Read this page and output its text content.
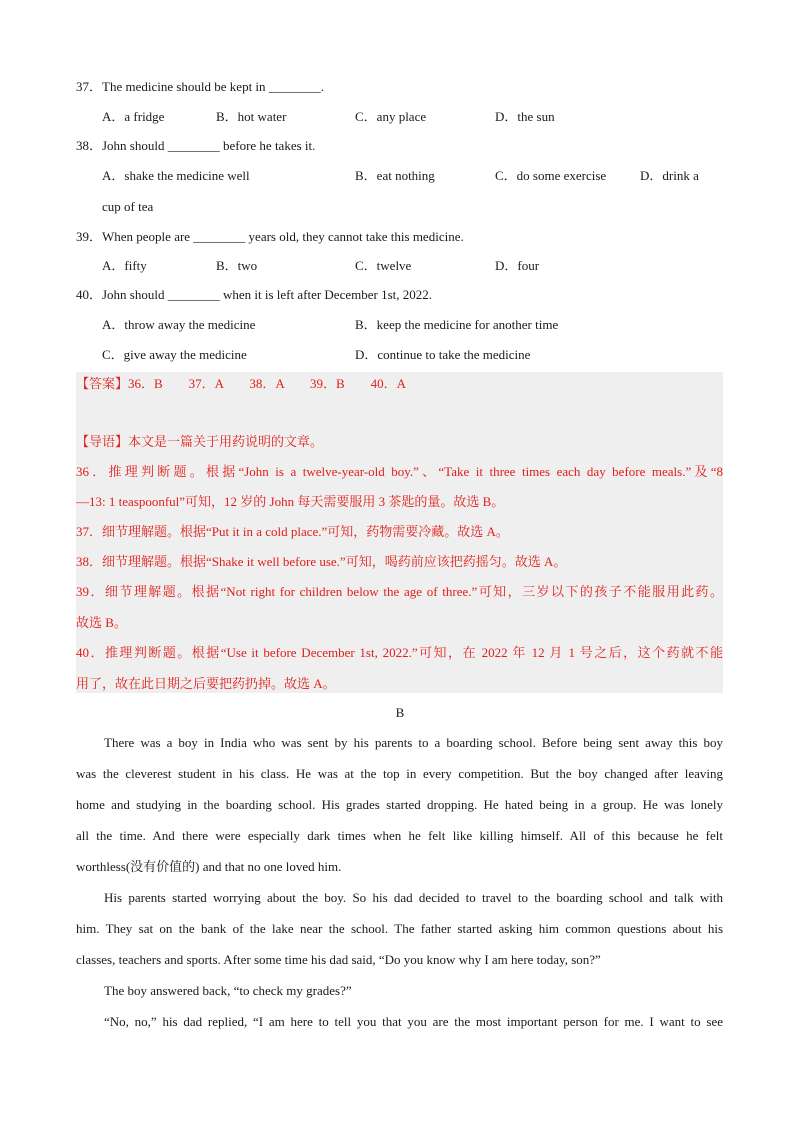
37．The medicine should be kept in ________.
A．a fridge	B．hot water	C．any place	D．the sun
38．John should ________ before he takes it.
A．shake the medicine well	B．eat nothing	C．do some exercise	D．drink a
cup of tea
39．When people are ________ years old, they cannot take this medicine.
A．fifty	B．two	C．twelve	D．four
40．John should ________ when it is left after December 1st, 2022.
A．throw away the medicine	B．keep the medicine for another time
C．give away the medicine	D．continue to take the medicine
【答案】36．B　　37．A　　38．A　　39．B　　40．A
【导语】本文是一篇关于用药说明的文章。
36．推理判断题。根据“John is a twelve-year-old boy.”、“Take it three times each day before meals.”及“8
—13: 1 teaspoonful”可知，12 岁的 John 每天需要服用 3 茶匙的量。故选 B。
37．细节理解题。根据“Put it in a cold place.”可知，药物需要冷藏。故选 A。
38．细节理解题。根据“Shake it well before use.”可知，喝药前应该把药摇匀。故选 A。
39．细节理解题。根据“Not right for children below the age of three.”可知，三岁以下的孩子不能服用此药。
故选 B。
40．推理判断题。根据“Use it before December 1st, 2022.”可知，在 2022 年 12 月 1 号之后，这个药就不能
用了，故在此日期之后要把药扔掉。故选 A。
B
There was a boy in India who was sent by his parents to a boarding school. Before being sent away this boy
was the cleverest student in his class. He was at the top in every competition. But the boy changed after leaving
home and studying in the boarding school. His grades started dropping. He hated being in a group. He was lonely
all the time. And there were especially dark times when he felt like killing himself. All of this because he felt
worthless(没有价值的) and that no one loved him.
His parents started worrying about the boy. So his dad decided to travel to the boarding school and talk with
him. They sat on the bank of the lake near the school. The father started asking him common questions about his
classes, teachers and sports. After some time his dad said, “Do you know why I am here today, son?”
The boy answered back, “to check my grades?”
“No, no,” his dad replied, “I am here to tell you that you are the most important person for me. I want to see
